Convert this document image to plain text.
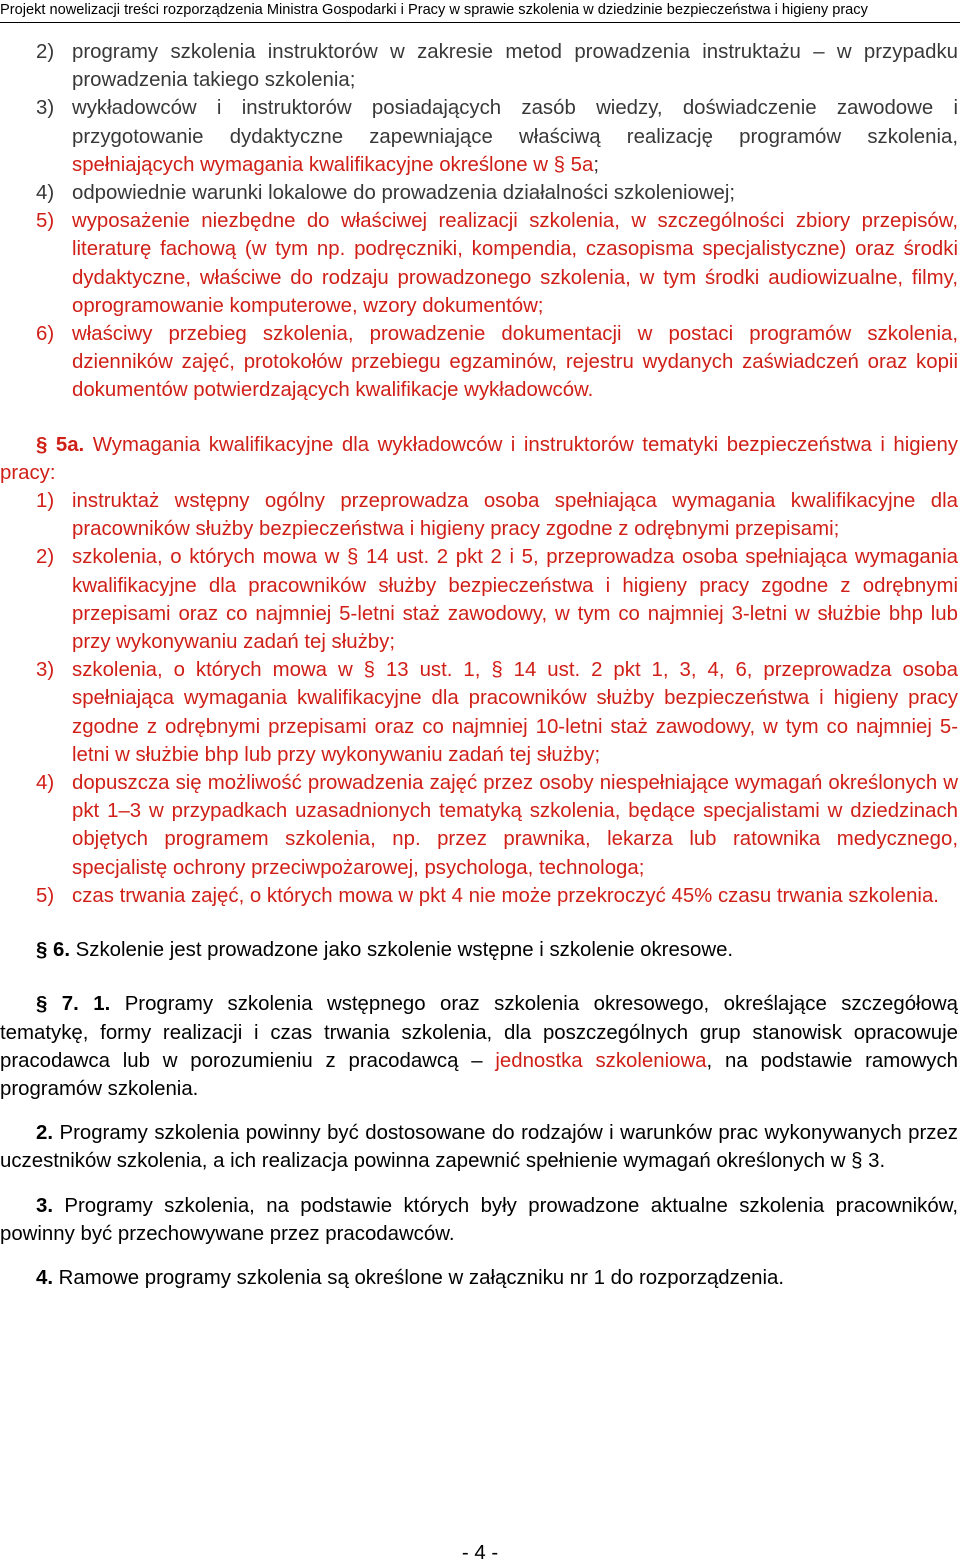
Projekt nowelizacji treści rozporządzenia Ministra Gospodarki i Pracy w sprawie szkolenia w dziedzinie bezpieczeństwa i higieny pracy
2) programy szkolenia instruktorów w zakresie metod prowadzenia instruktażu – w przypadku prowadzenia takiego szkolenia;
3) wykładowców i instruktorów posiadających zasób wiedzy, doświadczenie zawodowe i przygotowanie dydaktyczne zapewniające właściwą realizację programów szkolenia, spełniających wymagania kwalifikacyjne określone w § 5a;
4) odpowiednie warunki lokalowe do prowadzenia działalności szkoleniowej;
5) wyposażenie niezbędne do właściwej realizacji szkolenia, w szczególności zbiory przepisów, literaturę fachową (w tym np. podręczniki, kompendia, czasopisma specjalistyczne) oraz środki dydaktyczne, właściwe do rodzaju prowadzonego szkolenia, w tym środki audiowizualne, filmy, oprogramowanie komputerowe, wzory dokumentów;
6) właściwy przebieg szkolenia, prowadzenie dokumentacji w postaci programów szkolenia, dzienników zajęć, protokołów przebiegu egzaminów, rejestru wydanych zaświadczeń oraz kopii dokumentów potwierdzających kwalifikacje wykładowców.
§ 5a. Wymagania kwalifikacyjne dla wykładowców i instruktorów tematyki bezpieczeństwa i higieny pracy:
1) instruktaż wstępny ogólny przeprowadza osoba spełniająca wymagania kwalifikacyjne dla pracowników służby bezpieczeństwa i higieny pracy zgodne z odrębnymi przepisami;
2) szkolenia, o których mowa w § 14 ust. 2 pkt 2 i 5, przeprowadza osoba spełniająca wymagania kwalifikacyjne dla pracowników służby bezpieczeństwa i higieny pracy zgodne z odrębnymi przepisami oraz co najmniej 5-letni staż zawodowy, w tym co najmniej 3-letni w służbie bhp lub przy wykonywaniu zadań tej służby;
3) szkolenia, o których mowa w § 13 ust. 1, § 14 ust. 2 pkt 1, 3, 4, 6, przeprowadza osoba spełniająca wymagania kwalifikacyjne dla pracowników służby bezpieczeństwa i higieny pracy zgodne z odrębnymi przepisami oraz co najmniej 10-letni staż zawodowy, w tym co najmniej 5-letni w służbie bhp lub przy wykonywaniu zadań tej służby;
4) dopuszcza się możliwość prowadzenia zajęć przez osoby niespełniające wymagań określonych w pkt 1–3 w przypadkach uzasadnionych tematyką szkolenia, będące specjalistami w dziedzinach objętych programem szkolenia, np. przez prawnika, lekarza lub ratownika medycznego, specjalistę ochrony przeciwpożarowej, psychologa, technologa;
5) czas trwania zajęć, o których mowa w pkt 4 nie może przekroczyć 45% czasu trwania szkolenia.
§ 6. Szkolenie jest prowadzone jako szkolenie wstępne i szkolenie okresowe.
§ 7. 1. Programy szkolenia wstępnego oraz szkolenia okresowego, określające szczegółową tematykę, formy realizacji i czas trwania szkolenia, dla poszczególnych grup stanowisk opracowuje pracodawca lub w porozumieniu z pracodawcą – jednostka szkoleniowa, na podstawie ramowych programów szkolenia.
2. Programy szkolenia powinny być dostosowane do rodzajów i warunków prac wykonywanych przez uczestników szkolenia, a ich realizacja powinna zapewnić spełnienie wymagań określonych w § 3.
3. Programy szkolenia, na podstawie których były prowadzone aktualne szkolenia pracowników, powinny być przechowywane przez pracodawców.
4. Ramowe programy szkolenia są określone w załączniku nr 1 do rozporządzenia.
- 4 -
